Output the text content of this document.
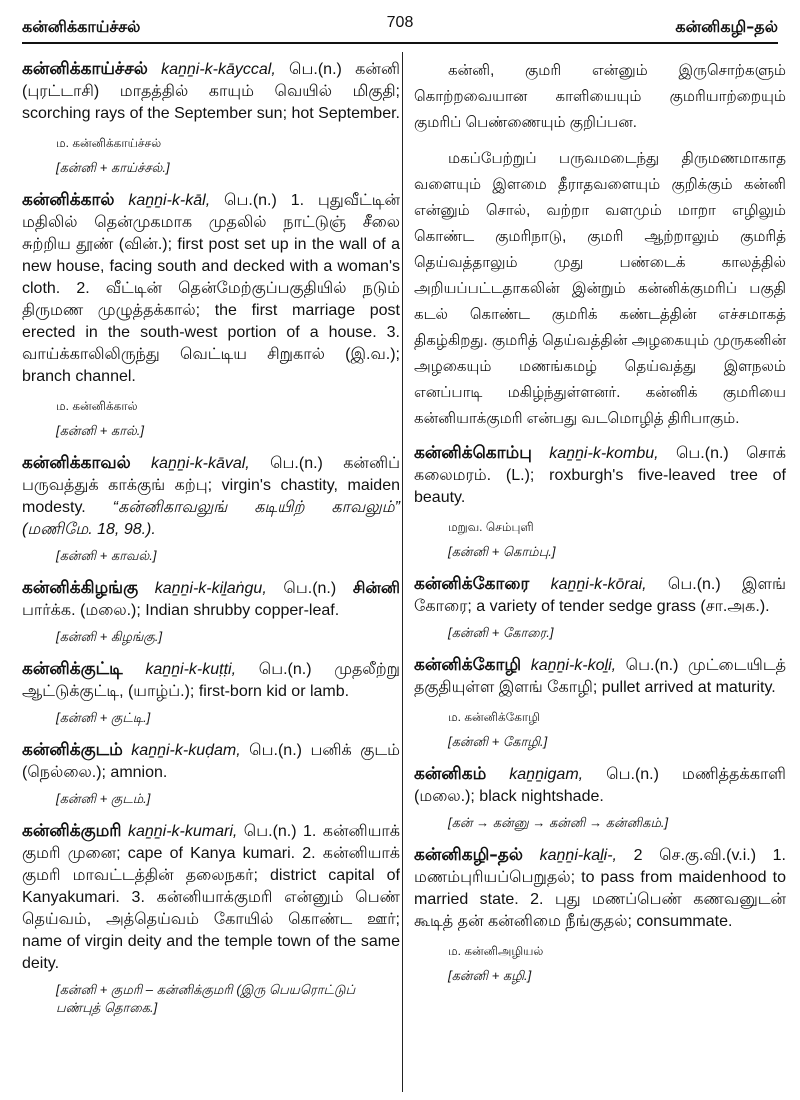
கன்னிக்காய்ச்சல்	708	கன்னிகழி–தல்

கன்னிக்காய்ச்சல் kaṉṉi-k-kāyccal, பெ.(n.) கன்னி (புரட்டாசி) மாதத்தில் காயும் வெயில் மிகுதி; scorching rays of the September sun; hot September.

ம. கன்னிக்காய்ச்சல்
[கன்னி + காய்ச்சல்.]

கன்னிக்கால் kaṉṉi-k-kāl, பெ.(n.) 1. புதுவீட்டின் மதிலில் தென்முகமாக முதலில் நாட்டுஞ் சீலை சுற்றிய தூண் (வின்.); first post set up in the wall of a new house, facing south and decked with a woman's cloth. 2. வீட்டின் தென்மேற்குப்பகுதியில் நடும் திருமண முழுத்தக்கால்; the first marriage post erected in the south-west portion of a house. 3. வாய்க்காலிலிருந்து வெட்டிய சிறுகால் (இ.வ.); branch channel.

ம. கன்னிக்கால்
[கன்னி + கால்.]

கன்னிக்காவல் kaṉṉi-k-kāval, பெ.(n.) கன்னிப் பருவத்துக் காக்குங் கற்பு; virgin's chastity, maiden modesty. “கன்னிகாவலுங் கடியிற் காவலும்” (மணிமே. 18, 98.).

[கன்னி + காவல்.]

கன்னிக்கிழங்கு kaṉṉi-k-kiḻaṅgu, பெ.(n.) சின்னி பார்க்க. (மலை.); Indian shrubby copper-leaf.

[கன்னி + கிழங்கு.]

கன்னிக்குட்டி kaṉṉi-k-kuṭṭi, பெ.(n.) முதலீற்று ஆட்டுக்குட்டி, (யாழ்ப்.); first-born kid or lamb.

[கன்னி + குட்டி.]

கன்னிக்குடம் kaṉṉi-k-kuḍam, பெ.(n.) பனிக் குடம் (நெல்லை.); amnion.

[கன்னி + குடம்.]

கன்னிக்குமரி kaṉṉi-k-kumari, பெ.(n.) 1. கன்னியாக் குமரி முனை; cape of Kanya kumari. 2. கன்னியாக் குமரி மாவட்டத்தின் தலைநகர்; district capital of Kanyakumari. 3. கன்னியாக்குமரி என்னும் பெண் தெய்வம், அத்தெய்வம் கோயில் கொண்ட ஊர்; name of virgin deity and the temple town of the same deity.

[கன்னி + குமரி – கன்னிக்குமரி (இரு பெயரொட்டுப் பண்புத் தொகை.]

கன்னி, குமரி என்னும் இருசொற்களும் கொற்றவையான காளியையும் குமரியாற்றையும் குமரிப் பெண்ணையும் குறிப்பன.

மகப்பேற்றுப் பருவமடைந்து திருமணமாகாத வளையும் இளமை தீராதவளையும் குறிக்கும் கன்னி என்னும் சொல், வற்றா வளமும் மாறா எழிலும் கொண்ட குமரிநாடு, குமரி ஆற்றாலும் குமரித் தெய்வத்தாலும் முது பண்டைக் காலத்தில் அறியப்பட்டதாகலின் இன்றும் கன்னிக்குமரிப் பகுதி கடல் கொண்ட குமரிக் கண்டத்தின் எச்சமாகத் திகழ்கிறது. குமரித் தெய்வத்தின் அழகையும் முருகனின் அழகையும் மணங்கமழ் தெய்வத்து இளநலம் எனப்பாடி மகிழ்ந்துள்ளனர். கன்னிக் குமரியை கன்னியாக்குமரி என்பது வடமொழித் திரிபாகும்.

கன்னிக்கொம்பு kaṉṉi-k-kombu, பெ.(n.) சொக் கலைமரம். (L.); roxburgh's five-leaved tree of beauty.

மறுவ. செம்புளி
[கன்னி + கொம்பு.]

கன்னிக்கோரை kaṉṉi-k-kōrai, பெ.(n.) இளங் கோரை; a variety of tender sedge grass (சா.அக.).

[கன்னி + கோரை.]

கன்னிக்கோழி kaṉṉi-k-koḻi, பெ.(n.) முட்டையிடத் தகுதியுள்ள இளங் கோழி; pullet arrived at maturity.

ம. கன்னிக்கோழி
[கன்னி + கோழி.]

கன்னிகம் kaṉṉigam, பெ.(n.) மணித்தக்காளி (மலை.); black nightshade.

[கன் → கன்னு → கன்னி → கன்னிகம்.]

கன்னிகழி–தல் kaṉṉi-kaḻi-, 2 செ.கு.வி.(v.i.) 1. மணம்புரியப்பெறுதல்; to pass from maidenhood to married state. 2. புது மணப்பெண் கணவனுடன் கூடித் தன் கன்னிமை நீங்குதல்; consummate.

ம. கன்னிஅழியல்
[கன்னி + கழி.]
